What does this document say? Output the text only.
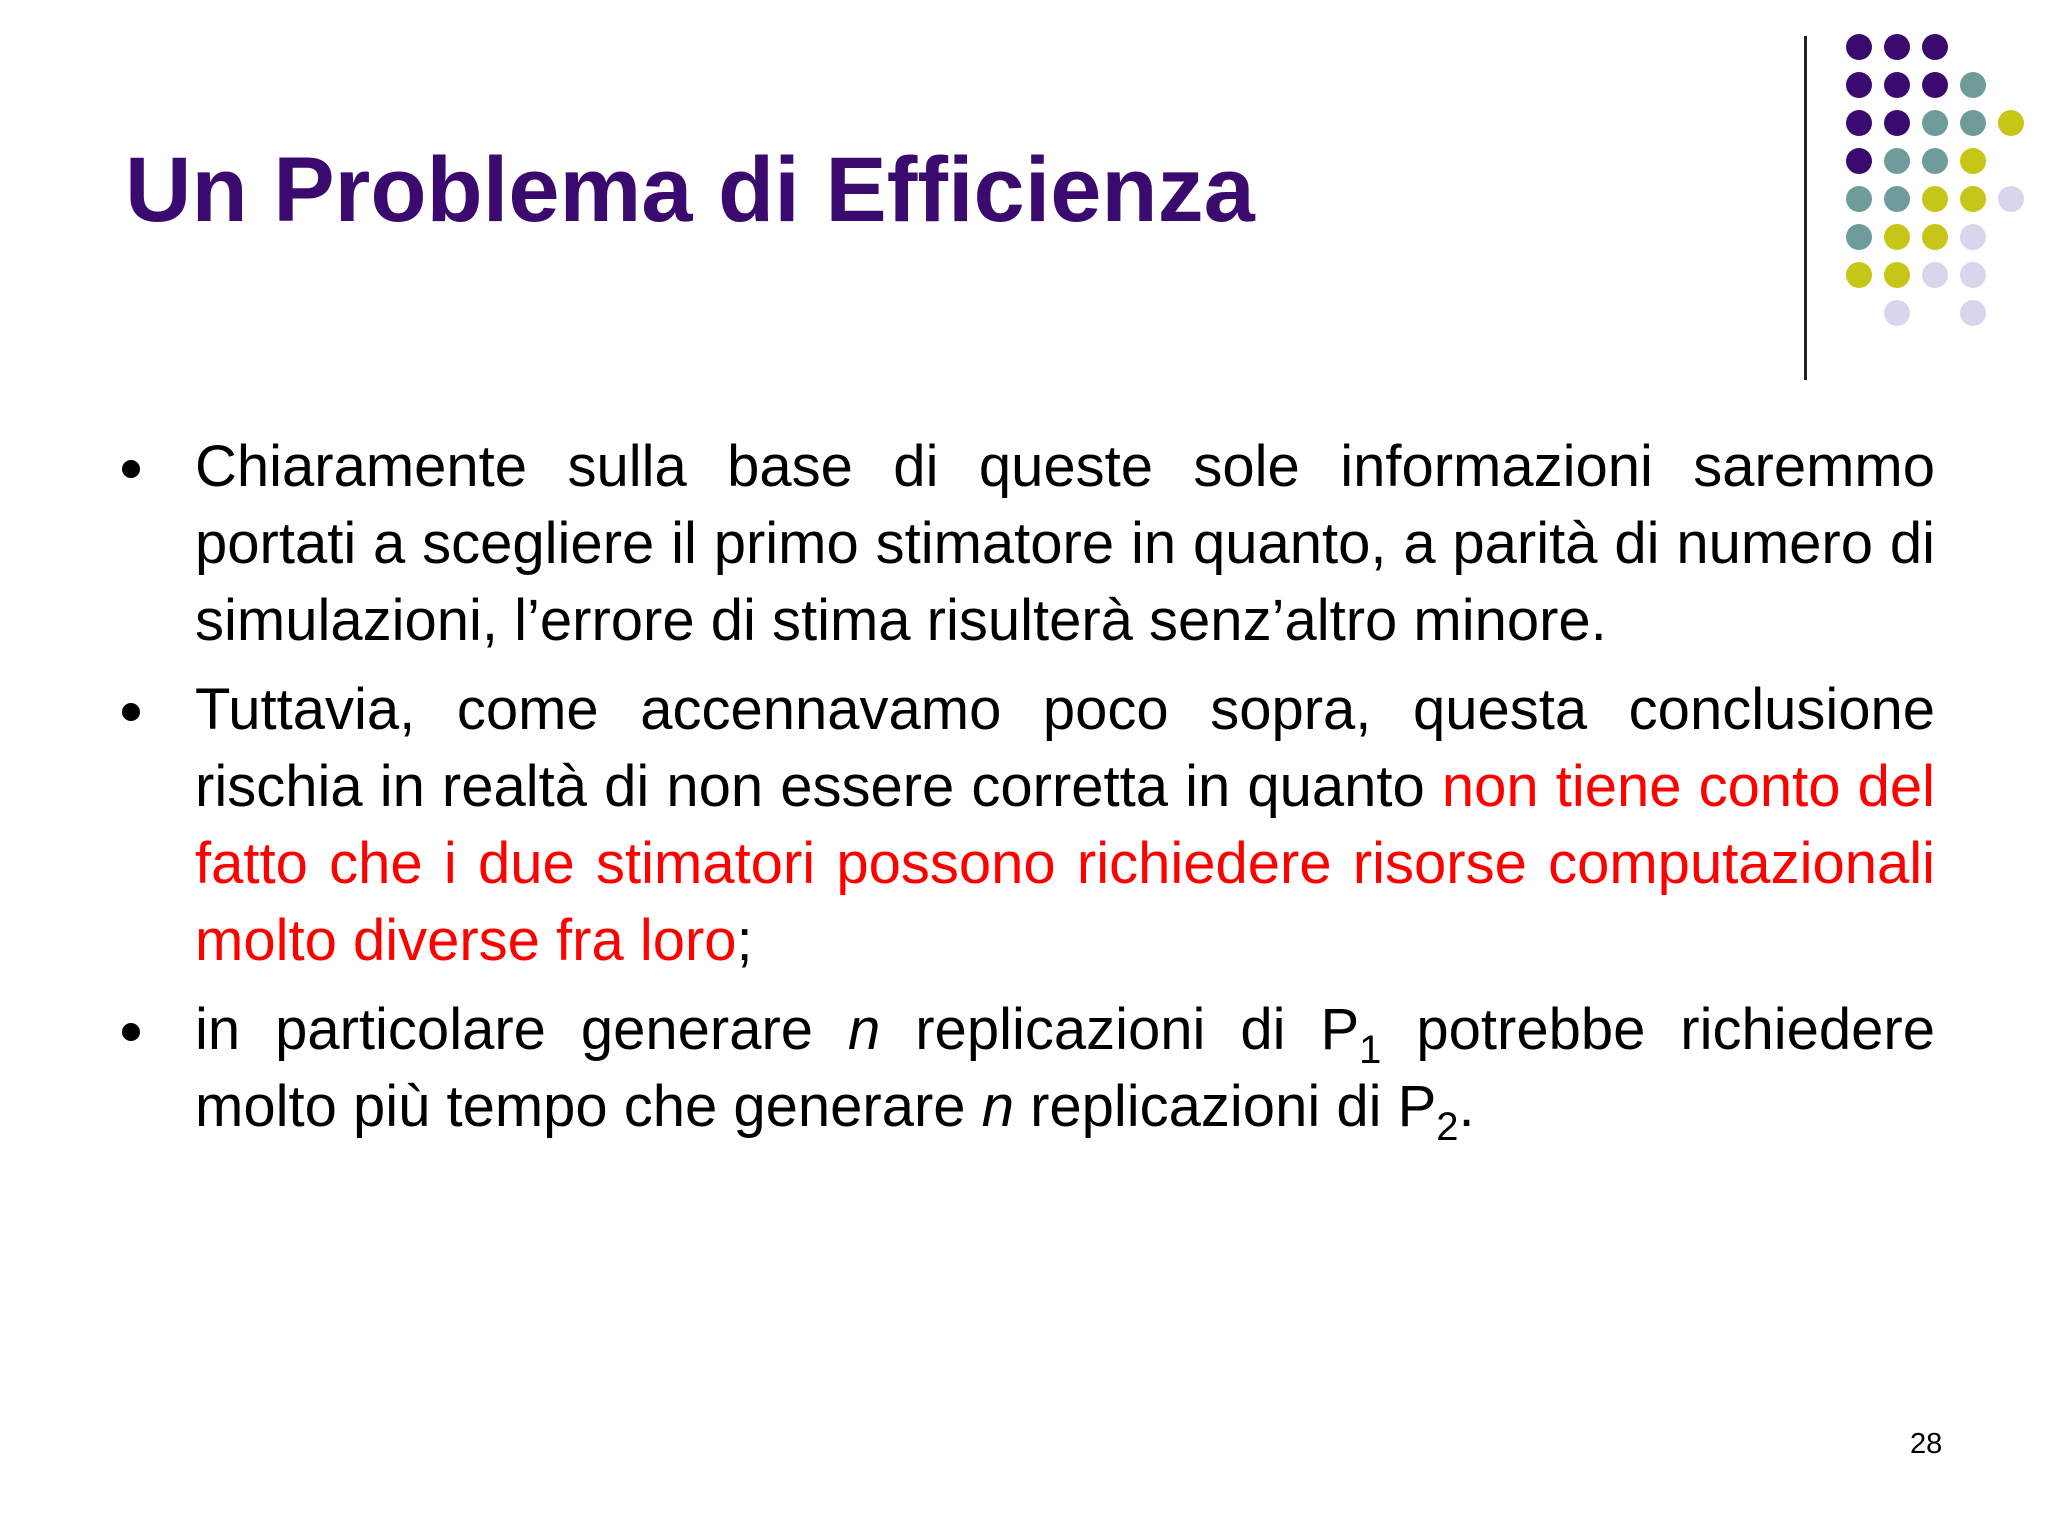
Un Problema di Efficienza
Chiaramente sulla base di queste sole informazioni saremmo portati a scegliere il primo stimatore in quanto, a parità di numero di simulazioni, l’errore di stima risulterà senz’altro minore.
Tuttavia, come accennavamo poco sopra, questa conclusione rischia in realtà di non essere corretta in quanto non tiene conto del fatto che i due stimatori possono richiedere risorse computazionali molto diverse fra loro;
in particolare generare n replicazioni di $P_1$ potrebbe richiedere molto più tempo che generare n replicazioni di $P_2$.
28
